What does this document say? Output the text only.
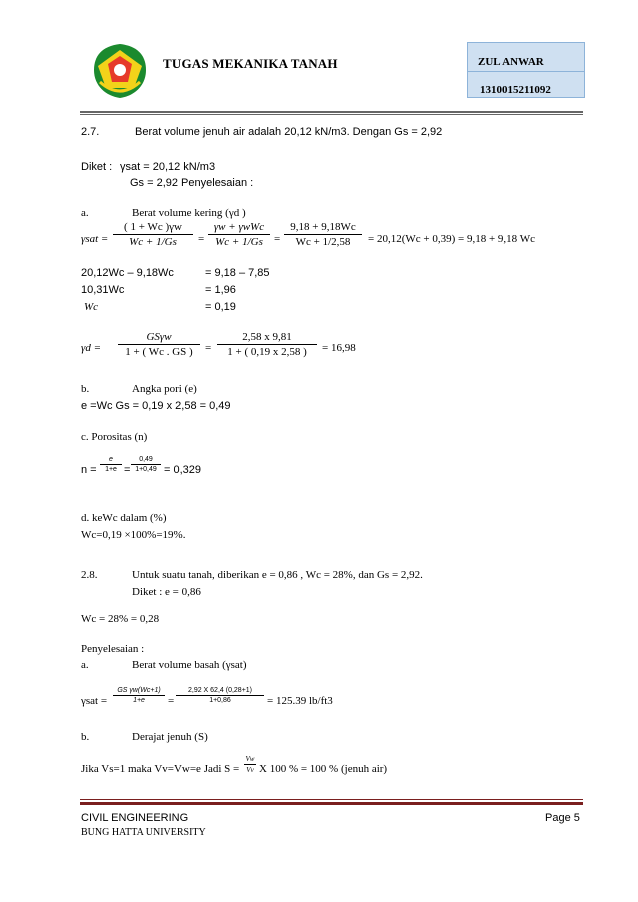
TUGAS MEKANIKA TANAH	ZUL ANWAR
1310015211092
2.7.	Berat volume jenuh air adalah 20,12 kN/m3. Dengan Gs = 2,92
Diket : γsat = 20,12 kN/m3
Gs = 2,92 Penyelesaian :
a.	Berat volume kering (γd )
γsat =
( 1 + Wc )γw
Wc + 1/Gs	=
γw + γwWc
Wc + 1/Gs	=
9,18 + 9,18Wc
Wc + 1/2,58	= 20,12(Wc + 0,39) = 9,18 + 9,18 Wc
20,12Wc – 9,18Wc	= 9,18 – 7,85
10,31Wc	= 1,96
Wc	= 0,19
γd =
GSγw
1 + ( Wc . GS )	=
2,58 x 9,81
1 + ( 0,19 x 2,58 )	= 16,98
b.	Angka pori (e)
e =Wc Gs = 0,19 x 2,58 = 0,49
c. Porositas (n)
n =
e
1+e =
0,49
1+0,49 = 0,329
d. keWc dalam (%)
Wc=0,19 ×100%=19%.
2.8.	Untuk suatu tanah, diberikan e = 0,86 , Wc = 28%, dan Gs = 2,92.
Diket : e = 0,86
Wc = 28% = 0,28
Penyelesaian :
a.	Berat volume basah (γsat)
γsat =
GS γw(Wc+1)
1+e	=
2,92 X 62,4 (0,28+1)
1+0,86	= 125.39 lb/ft3
b.	Derajat jenuh (S)
Jika Vs=1 maka Vv=Vw=e Jadi S =
Vw
Vv X 100 % = 100 % (jenuh air)
CIVIL ENGINEERING
BUNG HATTA UNIVERSITY
Page 5
